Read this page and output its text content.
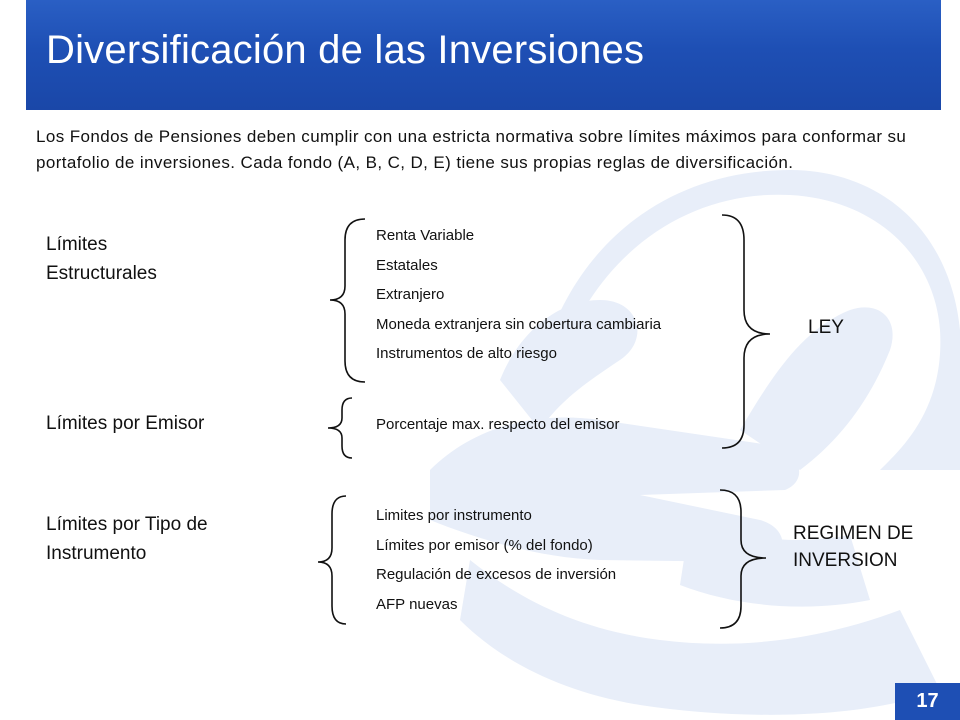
Diversificación de las Inversiones

Los Fondos de Pensiones deben cumplir con una estricta normativa sobre límites máximos para conformar su portafolio de inversiones. Cada fondo (A, B, C, D, E) tiene sus propias reglas de diversificación.

Límites Estructurales
Renta Variable
Estatales
Extranjero
Moneda extranjera sin cobertura cambiaria
Instrumentos de alto riesgo
Límites por Emisor	Porcentaje max. respecto del emisor
Límites por Tipo de Instrumento
Limites por instrumento
Límites por emisor (% del fondo)
Regulación de excesos de inversión
AFP nuevas
LEY
REGIMEN DE INVERSION
17
